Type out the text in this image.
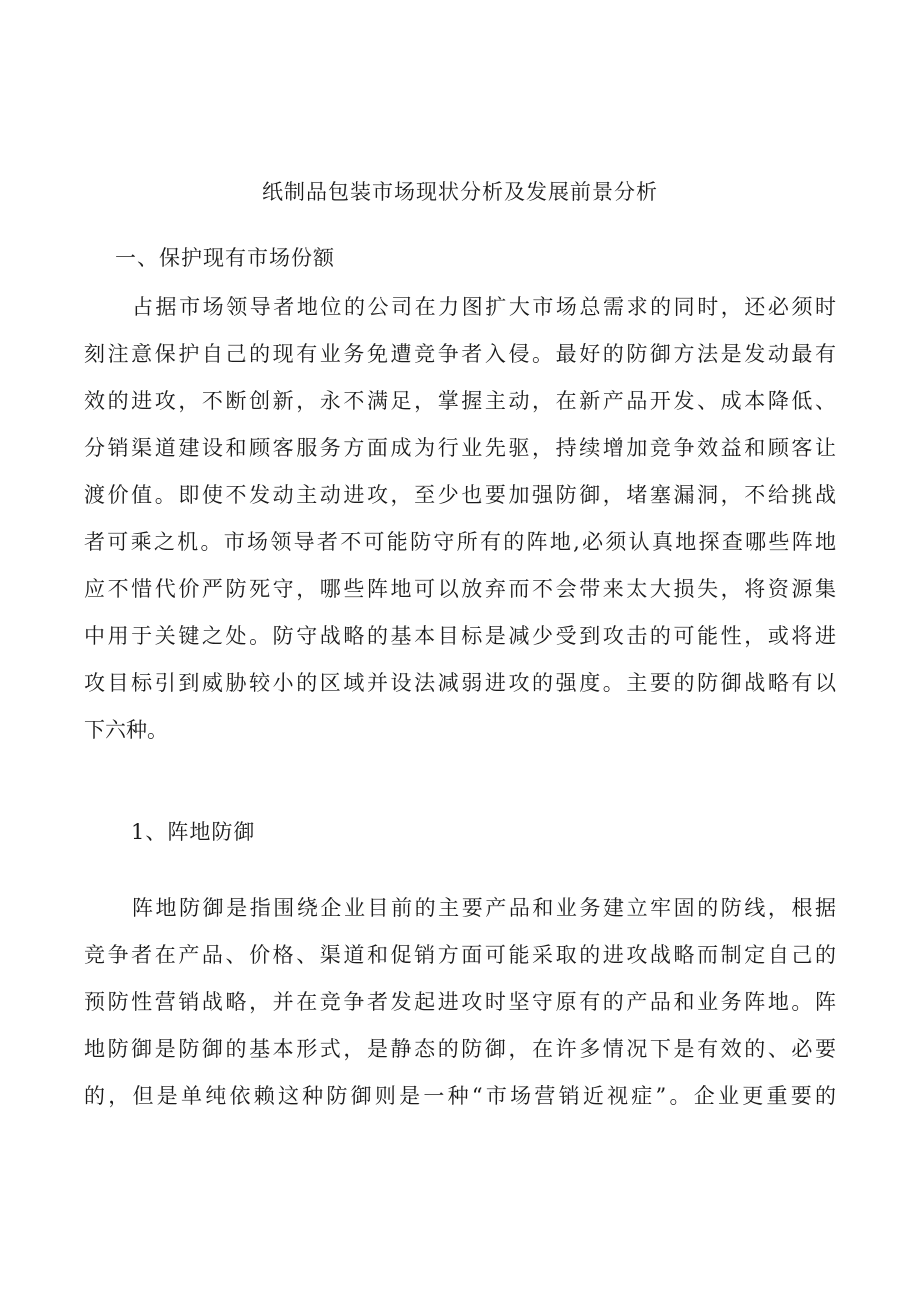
纸制品包装市场现状分析及发展前景分析
一、保护现有市场份额
占据市场领导者地位的公司在力图扩大市场总需求的同时，还必须时
刻注意保护自己的现有业务免遭竞争者入侵。最好的防御方法是发动最有
效的进攻，不断创新，永不满足，掌握主动，在新产品开发、成本降低、
分销渠道建设和顾客服务方面成为行业先驱，持续增加竞争效益和顾客让
渡价值。即使不发动主动进攻，至少也要加强防御，堵塞漏洞，不给挑战
者可乘之机。市场领导者不可能防守所有的阵地,必须认真地探查哪些阵地
应不惜代价严防死守，哪些阵地可以放弃而不会带来太大损失，将资源集
中用于关键之处。防守战略的基本目标是减少受到攻击的可能性，或将进
攻目标引到威胁较小的区域并设法减弱进攻的强度。主要的防御战略有以
下六种。
1、阵地防御
阵地防御是指围绕企业目前的主要产品和业务建立牢固的防线，根据
竞争者在产品、价格、渠道和促销方面可能采取的进攻战略而制定自己的
预防性营销战略，并在竞争者发起进攻时坚守原有的产品和业务阵地。阵
地防御是防御的基本形式，是静态的防御，在许多情况下是有效的、必要
的，但是单纯依赖这种防御则是一种“市场营销近视症”。企业更重要的
